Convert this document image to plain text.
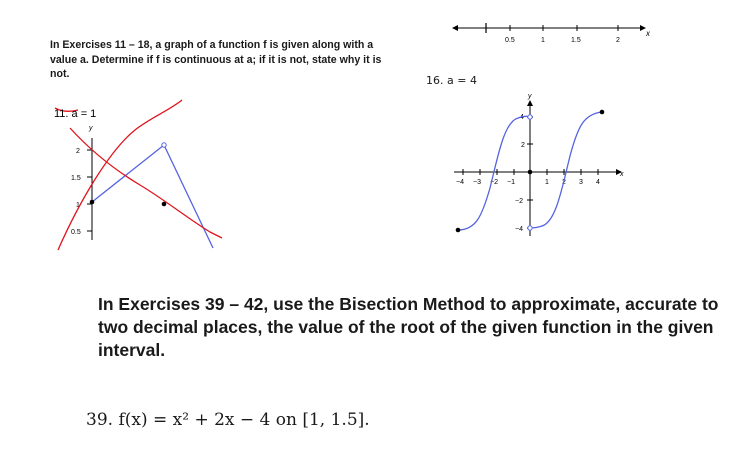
0.5	1	1.5	2
x
In Exercises 11 – 18, a graph of a function f is given along with a value a. Determine if f is continuous at a; if it is not, state why it is not.	16. a = 4
y
2
1.5
1
0.5
11. a = 1
y
x
4
2
−2
−4
−4 −3 −2 −1	1 2 3 4
In Exercises 39 – 42, use the Bisection Method to approximate, accurate to two decimal places, the value of the root of the given function in the given interval.
39. f(x) = x² + 2x − 4 on [1, 1.5].
